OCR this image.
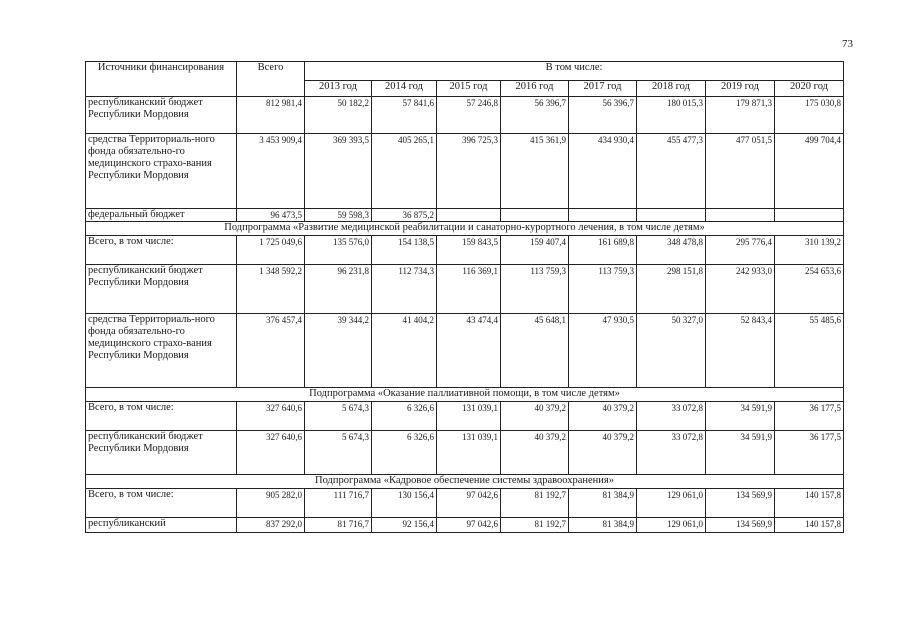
73
Источники финансирования	Всего	В том числе:							
		2013 год	2014 год	2015 год	2016 год	2017 год	2018 год	2019 год	2020 год
республиканский бюджет Республики Мордовия	812 981,4	50 182,2	57 841,6	57 246,8	56 396,7	56 396,7	180 015,3	179 871,3	175 030,8
средства Территориаль-ного фонда обязательно-го медицинского страхо-вания Республики Мордовия	3 453 909,4	369 393,5	405 265,1	396 725,3	415 361,9	434 930,4	455 477,3	477 051,5	499 704,4
федеральный бюджет	96 473,5	59 598,3	36 875,2						
Подпрограмма «Развитие медицинской реабилитации и санаторно-курортного лечения, в том числе детям»									
Всего, в том числе:	1 725 049,6	135 576,0	154 138,5	159 843,5	159 407,4	161 689,8	348 478,8	295 776,4	310 139,2
республиканский бюджет Республики Мордовия	1 348 592,2	96 231,8	112 734,3	116 369,1	113 759,3	113 759,3	298 151,8	242 933,0	254 653,6
средства Территориаль-ного фонда обязательно-го медицинского страхо-вания Республики Мордовия	376 457,4	39 344,2	41 404,2	43 474,4	45 648,1	47 930,5	50 327,0	52 843,4	55 485,6
Подпрограмма «Оказание паллиативной помощи, в том числе детям»									
Всего, в том числе:	327 640,6	5 674,3	6 326,6	131 039,1	40 379,2	40 379,2	33 072,8	34 591,9	36 177,5
республиканский бюджет Республики Мордовия	327 640,6	5 674,3	6 326,6	131 039,1	40 379,2	40 379,2	33 072,8	34 591,9	36 177,5
Подпрограмма «Кадровое обеспечение системы здравоохранения»									
Всего, в том числе:	905 282,0	111 716,7	130 156,4	97 042,6	81 192,7	81 384,9	129 061,0	134 569,9	140 157,8
республиканский	837 292,0	81 716,7	92 156,4	97 042,6	81 192,7	81 384,9	129 061,0	134 569,9	140 157,8
